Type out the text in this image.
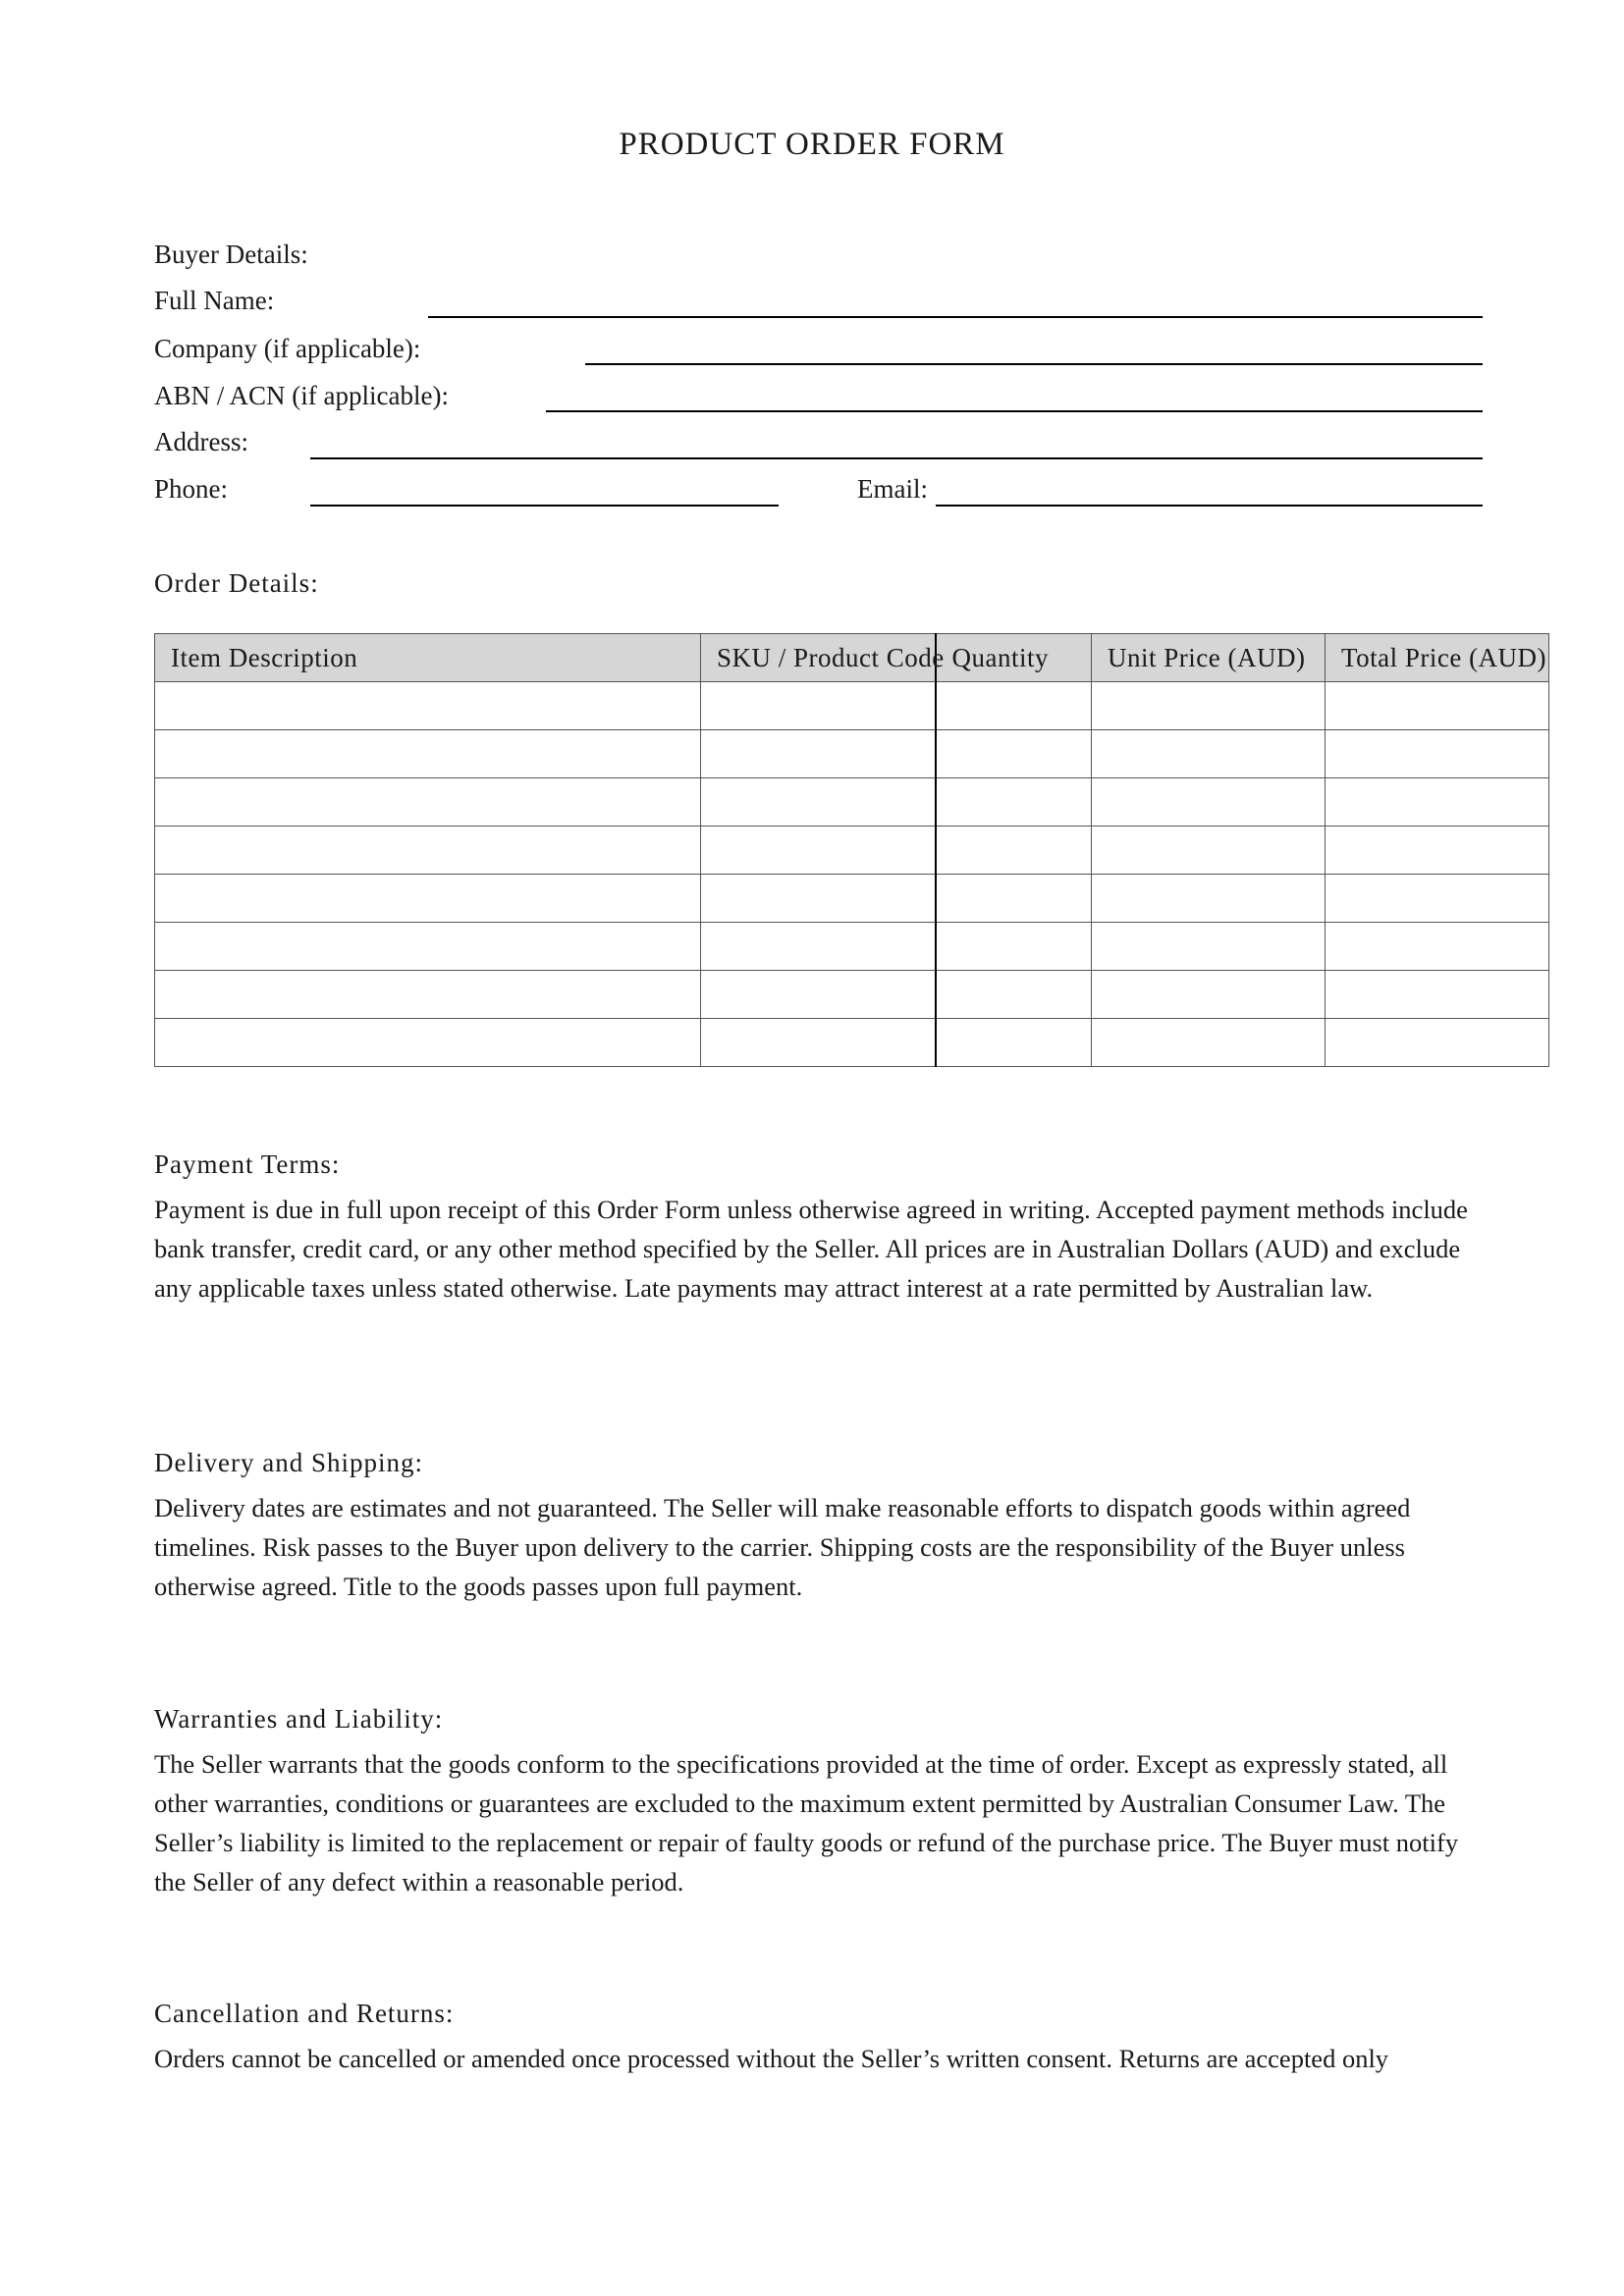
PRODUCT ORDER FORM
Buyer Details:
Full Name:
Company (if applicable):
ABN / ACN (if applicable):
Address:
Phone:	Email:
Order Details:
Item Description	SKU / Product Code	Quantity	Unit Price (AUD)	Total Price (AUD)

Payment Terms:
Payment is due in full upon receipt of this Order Form unless otherwise agreed in writing. Accepted payment methods include bank transfer, credit card, or any other method specified by the Seller. All prices are in Australian Dollars (AUD) and exclude any applicable taxes unless stated otherwise. Late payments may attract interest at a rate permitted by Australian law.
Delivery and Shipping:
Delivery dates are estimates and not guaranteed. The Seller will make reasonable efforts to dispatch goods within agreed timelines. Risk passes to the Buyer upon delivery to the carrier. Shipping costs are the responsibility of the Buyer unless otherwise agreed. Title to the goods passes upon full payment.
Warranties and Liability:
The Seller warrants that the goods conform to the specifications provided at the time of order. Except as expressly stated, all other warranties, conditions or guarantees are excluded to the maximum extent permitted by Australian Consumer Law. The Seller’s liability is limited to the replacement or repair of faulty goods or refund of the purchase price. The Buyer must notify the Seller of any defect within a reasonable period.
Cancellation and Returns:
Orders cannot be cancelled or amended once processed without the Seller’s written consent. Returns are accepted only
